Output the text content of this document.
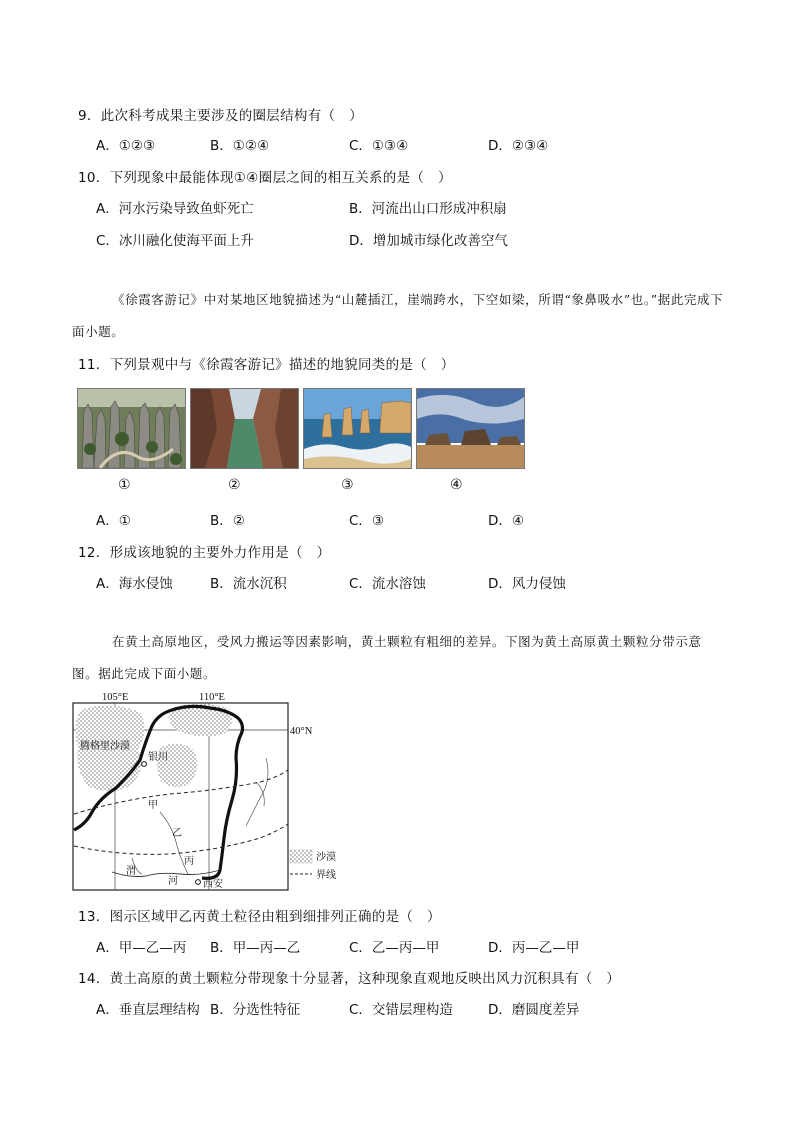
9．此次科考成果主要涉及的圈层结构有（　）
A．①②③	B．①②④	C．①③④	D．②③④
10．下列现象中最能体现①④圈层之间的相互关系的是（　）
A．河水污染导致鱼虾死亡	B．河流出山口形成冲积扇
C．冰川融化使海平面上升	D．增加城市绿化改善空气
《徐霞客游记》中对某地区地貌描述为“山麓插江，崖端跨水，下空如梁，所谓“象鼻吸水”也。”据此完成下面小题。
11．下列景观中与《徐霞客游记》描述的地貌同类的是（　）
①	②	③	④
A．①	B．②	C．③	D．④
12．形成该地貌的主要外力作用是（　）
A．海水侵蚀	B．流水沉积	C．流水溶蚀	D．风力侵蚀
在黄土高原地区，受风力搬运等因素影响，黄土颗粒有粗细的差异。下图为黄土高原黄土颗粒分带示意图。据此完成下面小题。
105°E	110°E
40°N
腾格里沙漠
银川
甲
乙
丙
渭
河	西安
沙漠
界线
13．图示区域甲乙丙黄土粒径由粗到细排列正确的是（　）
A．甲—乙—丙 B．甲—丙—乙	C．乙—丙—甲	D．丙—乙—甲
14．黄土高原的黄土颗粒分带现象十分显著，这种现象直观地反映出风力沉积具有（　）
A．垂直层理结构 B．分选性特征	C．交错层理构造	D．磨圆度差异
